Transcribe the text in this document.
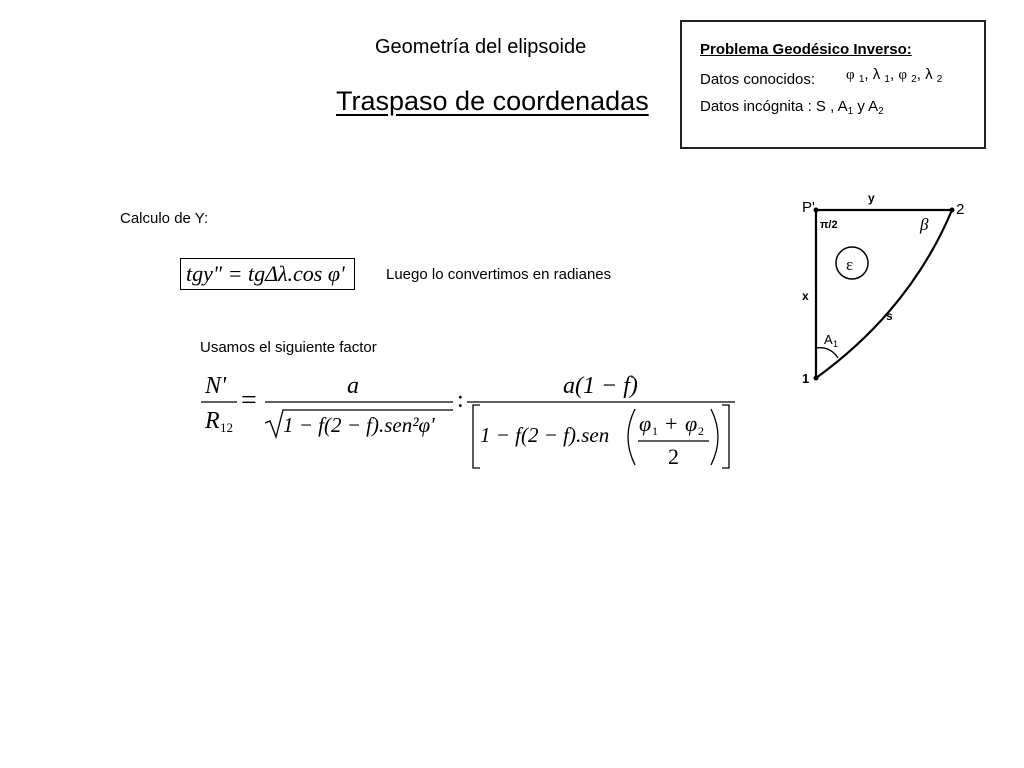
Geometría del elipsoide
Traspaso de coordenadas
Problema Geodésico Inverso:
Datos conocidos: φ $_1$, λ $_1$, φ $_2$, λ $_2$
Datos incógnita : S , $A_1$ y $A_2$
Calculo de Y:
tgy" = tgΔλ.cos φ'	Luego lo convertimos en radianes
Usamos el siguiente factor
N'
R 12
=	a
1 − f(2 − f).sen²φ'
:
a(1 − f)
1 − f(2 − f).sen φ 1 + φ 2
2
P'
y
2
π/2	β
ε
x
s
A 1
1
